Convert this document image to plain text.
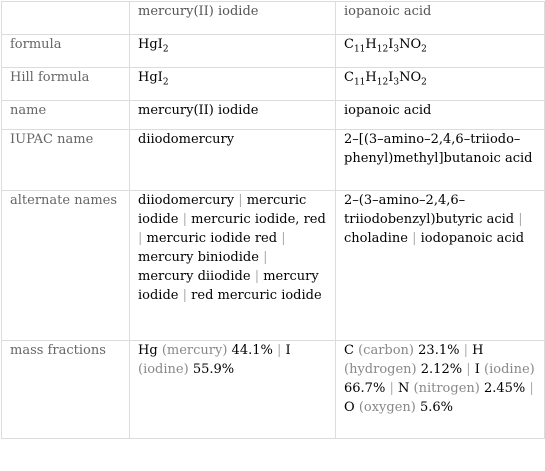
	mercury(II) iodide	iopanoic acid
formula	HgI$_2$	$C_{11}H_{12}I_3NO_2$
Hill formula	HgI$_2$	$C_{11}H_{12}I_3NO_2$
name	mercury(II) iodide	iopanoic acid
IUPAC name	diiodomercury	2–[(3–amino–2,4,6–triiodo–phenyl)methyl]butanoic acid
alternate names	diiodomercury | mercuric iodide | mercuric iodide, red | mercuric iodide red | mercury biniodide | mercury diiodide | mercury iodide | red mercuric iodide	2–(3–amino–2,4,6–triiodobenzyl)butyric acid | choladine | iodopanoic acid
mass fractions	Hg (mercury) 44.1% | I (iodine) 55.9%	C (carbon) 23.1% | H (hydrogen) 2.12% | I (iodine) 66.7% | N (nitrogen) 2.45% | O (oxygen) 5.6%
